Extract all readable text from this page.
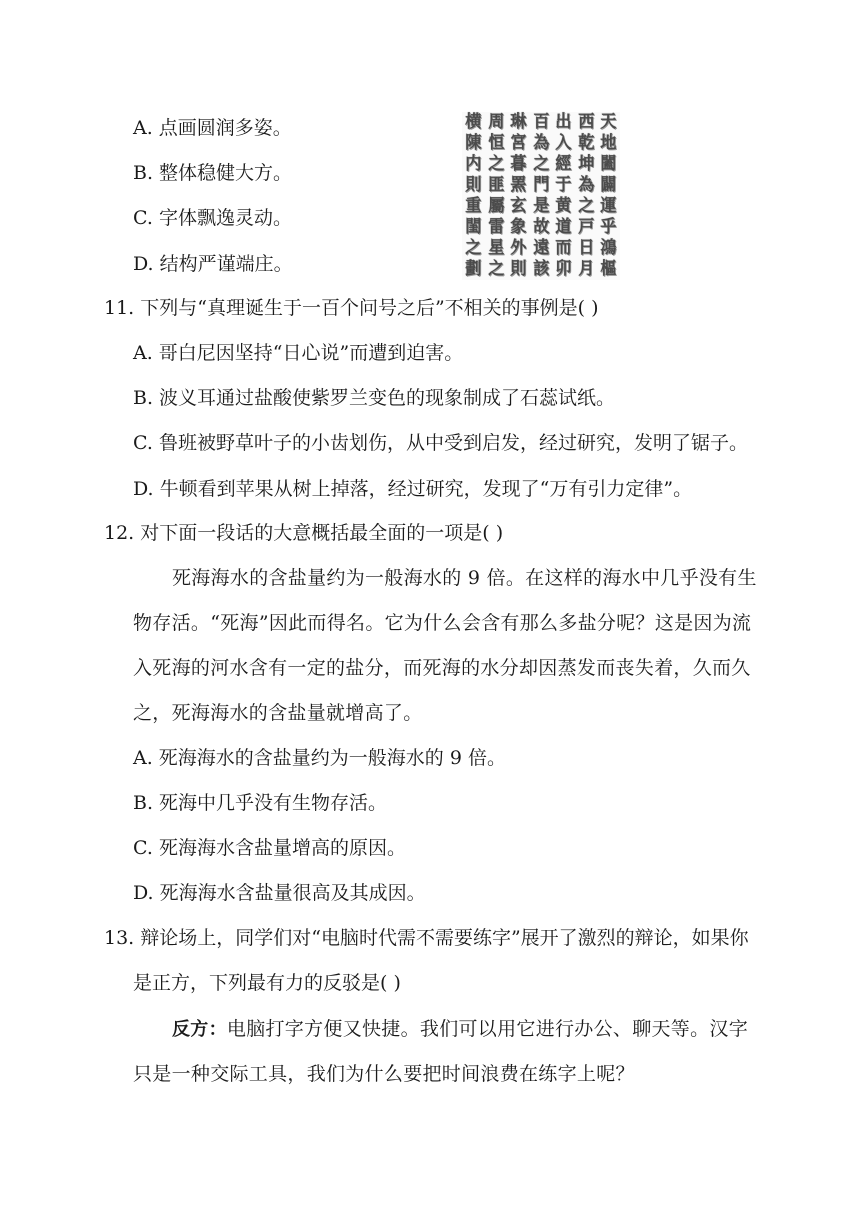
A. 点画圆润多姿。
B. 整体稳健大方。
C. 字体飘逸灵动。
D. 结构严谨端庄。
横 周 琳 百 出 西 天
陳 恒 宮 為 入 乾 地
内 之 暮 之 經 坤 闔
則 匪 罴 門 于 為 闢
重 屬 玄 是 黄 之 運
閨 雷 象 故 道 戸 乎
之 星 外 遠 而 日 鴻
劃 之 則 該 卯 月 樞
11. 下列与“真理诞生于一百个问号之后”不相关的事例是( )
A. 哥白尼因坚持“日心说”而遭到迫害。
B. 波义耳通过盐酸使紫罗兰变色的现象制成了石蕊试纸。
C. 鲁班被野草叶子的小齿划伤，从中受到启发，经过研究，发明了锯子。
D. 牛顿看到苹果从树上掉落，经过研究，发现了“万有引力定律”。
12. 对下面一段话的大意概括最全面的一项是( )
死海海水的含盐量约为一般海水的 9 倍。在这样的海水中几乎没有生
物存活。“死海”因此而得名。它为什么会含有那么多盐分呢？这是因为流
入死海的河水含有一定的盐分，而死海的水分却因蒸发而丧失着，久而久
之，死海海水的含盐量就增高了。
A. 死海海水的含盐量约为一般海水的 9 倍。
B. 死海中几乎没有生物存活。
C. 死海海水含盐量增高的原因。
D. 死海海水含盐量很高及其成因。
13. 辩论场上，同学们对“电脑时代需不需要练字”展开了激烈的辩论，如果你
是正方，下列最有力的反驳是( )
反方：电脑打字方便又快捷。我们可以用它进行办公、聊天等。汉字
只是一种交际工具，我们为什么要把时间浪费在练字上呢？
